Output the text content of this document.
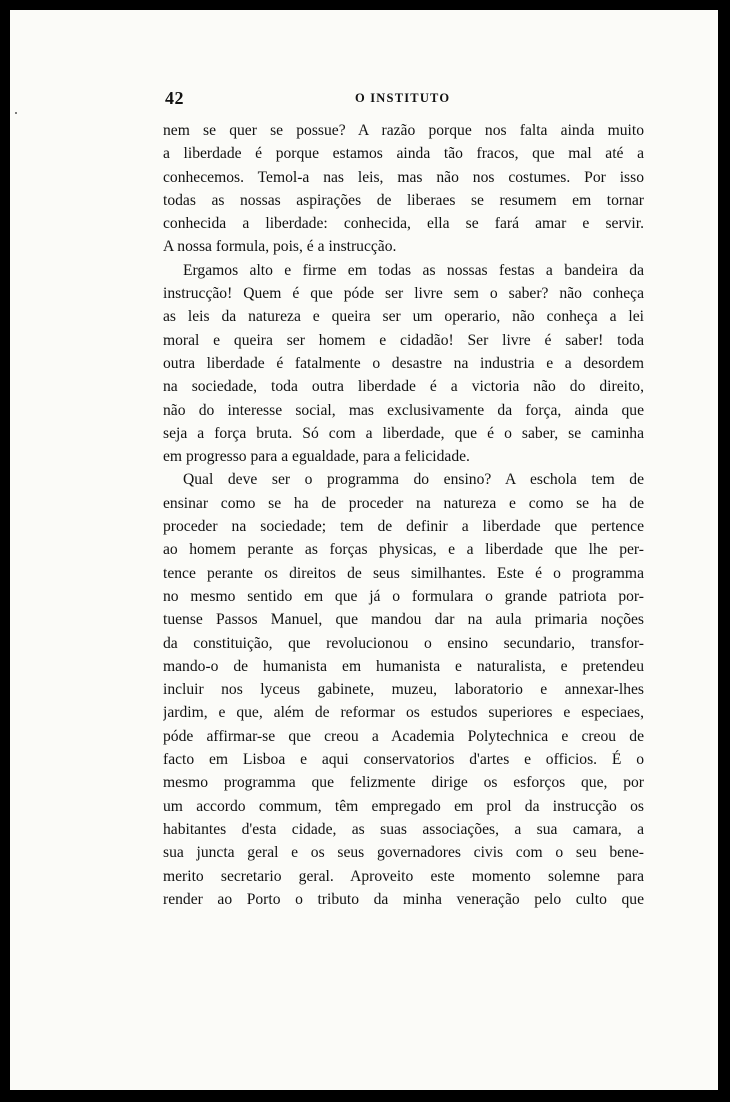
42	O INSTITUTO
nem se quer se possue? A razão porque nos falta ainda muito
a liberdade é porque estamos ainda tão fracos, que mal até a
conhecemos. Temol-a nas leis, mas não nos costumes. Por isso
todas as nossas aspirações de liberaes se resumem em tornar
conhecida a liberdade: conhecida, ella se fará amar e servir.
A nossa formula, pois, é a instrucção.
Ergamos alto e firme em todas as nossas festas a bandeira da
instrucção! Quem é que póde ser livre sem o saber? não conheça
as leis da natureza e queira ser um operario, não conheça a lei
moral e queira ser homem e cidadão! Ser livre é saber! toda
outra liberdade é fatalmente o desastre na industria e a desordem
na sociedade, toda outra liberdade é a victoria não do direito,
não do interesse social, mas exclusivamente da força, ainda que
seja a força bruta. Só com a liberdade, que é o saber, se caminha
em progresso para a egualdade, para a felicidade.
Qual deve ser o programma do ensino? A eschola tem de
ensinar como se ha de proceder na natureza e como se ha de
proceder na sociedade; tem de definir a liberdade que pertence
ao homem perante as forças physicas, e a liberdade que lhe per-
tence perante os direitos de seus similhantes. Este é o programma
no mesmo sentido em que já o formulara o grande patriota por-
tuense Passos Manuel, que mandou dar na aula primaria noções
da constituição, que revolucionou o ensino secundario, transfor-
mando-o de humanista em humanista e naturalista, e pretendeu
incluir nos lyceus gabinete, muzeu, laboratorio e annexar-lhes
jardim, e que, além de reformar os estudos superiores e especiaes,
póde affirmar-se que creou a Academia Polytechnica e creou de
facto em Lisboa e aqui conservatorios d'artes e officios. É o
mesmo programma que felizmente dirige os esforços que, por
um accordo commum, têm empregado em prol da instrucção os
habitantes d'esta cidade, as suas associações, a sua camara, a
sua juncta geral e os seus governadores civis com o seu bene-
merito secretario geral. Aproveito este momento solemne para
render ao Porto o tributo da minha veneração pelo culto que
